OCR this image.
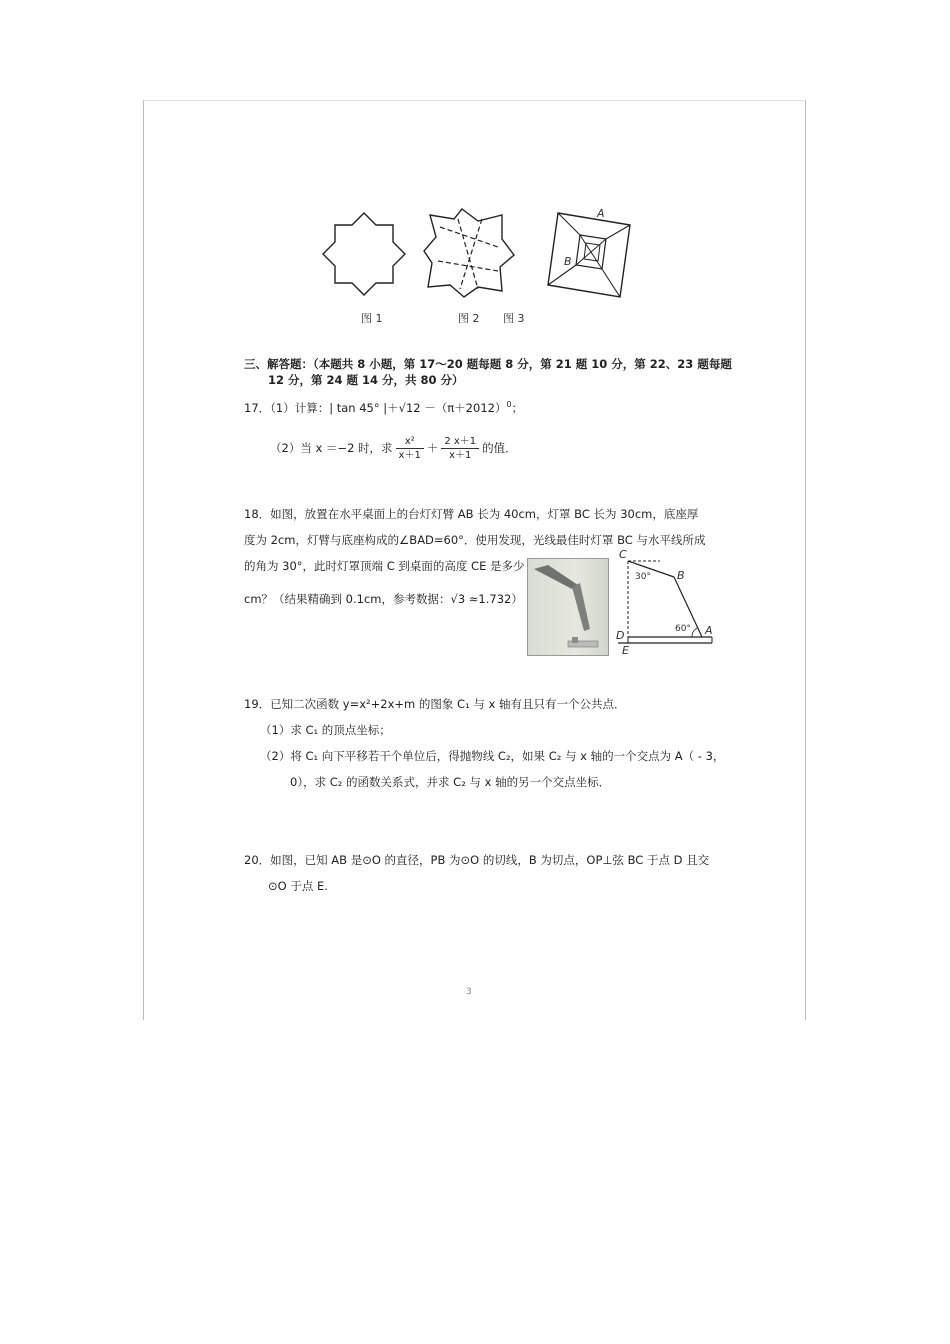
A
B
图 1	图 2 图 3
三、解答题：（本题共 8 小题，第 17～20 题每题 8 分，第 21 题 10 分，第 22、23 题每题
12 分，第 24 题 14 分，共 80 分）
17．（1）计算：| tan 45° $|+√12 -(\pi+2012)^0$；
（2）当 x ＝−2 时，求 $\frac{\text{x²}}{x+1} + \frac{2 x+1}{x+1}$ 的值．
18．如图，放置在水平桌面上的台灯灯臂 AB 长为 40cm，灯罩 BC 长为 30cm，底座厚
度为 2cm，灯臂与底座构成的∠BAD=60°．使用发现，光线最佳时灯罩 BC 与水平线所成
的角为 30°，此时灯罩顶端 C 到桌面的高度 CE 是多少
cm？（结果精确到 0.1cm，参考数据：√3 ≈1.732）
C
B
A
D
E
30°
60°
19．已知二次函数 y=x²+2x+m 的图象 C₁ 与 x 轴有且只有一个公共点．
（1）求 C₁ 的顶点坐标；
（2）将 C₁ 向下平移若干个单位后，得抛物线 C₂，如果 C₂ 与 x 轴的一个交点为 A（ - 3，
0），求 C₂ 的函数关系式，并求 C₂ 与 x 轴的另一个交点坐标．
20．如图，已知 AB 是⊙O 的直径，PB 为⊙O 的切线，B 为切点，OP⊥弦 BC 于点 D 且交
⊙O 于点 E.
3
